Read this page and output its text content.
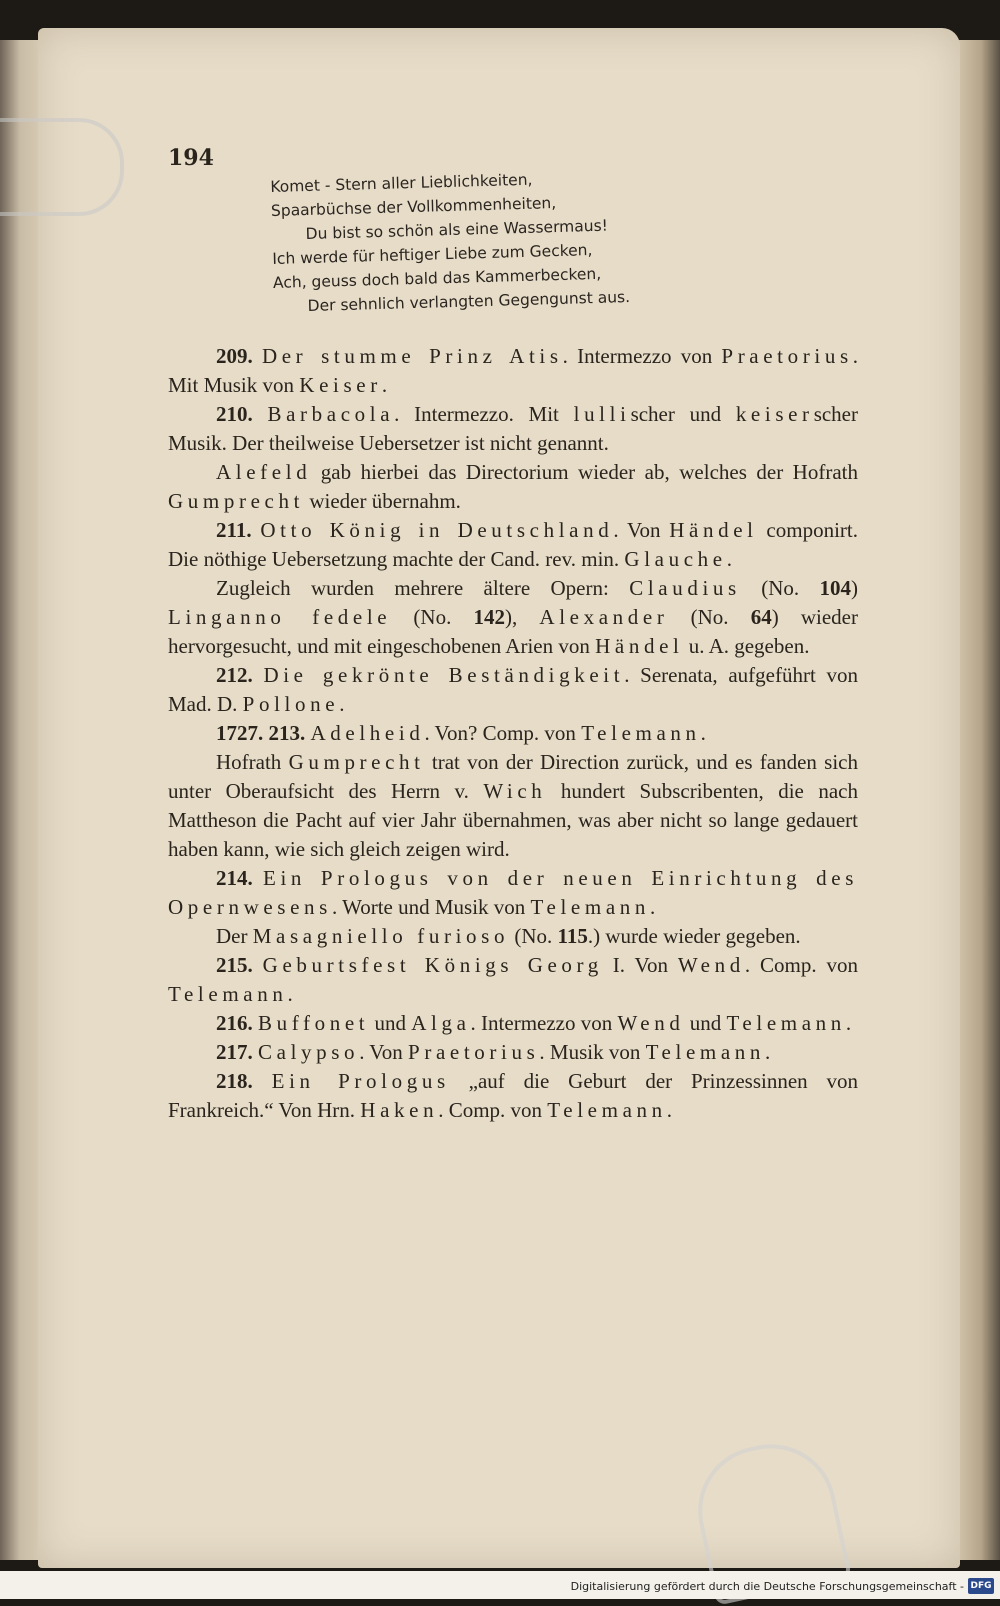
194
Komet - Stern aller Lieblichkeiten,
Spaarbüchse der Vollkommenheiten,
Du bist so schön als eine Wassermaus!
Ich werde für heftiger Liebe zum Gecken,
Ach, geuss doch bald das Kammerbecken,
Der sehnlich verlangten Gegengunst aus.

209. Der stumme Prinz Atis. Intermezzo von Praetorius. Mit Musik von Keiser.

210. Barbacola. Intermezzo. Mit lullischer und keiserscher Musik. Der theilweise Uebersetzer ist nicht genannt.

Alefeld gab hierbei das Directorium wieder ab, welches der Hofrath Gumprecht wieder übernahm.

211. Otto König in Deutschland. Von Händel componirt. Die nöthige Uebersetzung machte der Cand. rev. min. Glauche.

Zugleich wurden mehrere ältere Opern: Claudius (No. 104) Linganno fedele (No. 142), Alexander (No. 64) wieder hervorgesucht, und mit eingeschobenen Arien von Händel u. A. gegeben.

212. Die gekrönte Beständigkeit. Serenata, aufgeführt von Mad. D. Pollone.

1727. 213. Adelheid. Von? Comp. von Telemann.

Hofrath Gumprecht trat von der Direction zurück, und es fanden sich unter Oberaufsicht des Herrn v. Wich hundert Subscribenten, die nach Mattheson die Pacht auf vier Jahr übernahmen, was aber nicht so lange gedauert haben kann, wie sich gleich zeigen wird.

214. Ein Prologus von der neuen Einrichtung des Opernwesens. Worte und Musik von Telemann.

Der Masagniello furioso (No. 115.) wurde wieder gegeben.

215. Geburtsfest Königs Georg I. Von Wend. Comp. von Telemann.

216. Buffonet und Alga. Intermezzo von Wend und Telemann.

217. Calypso. Von Praetorius. Musik von Telemann.

218. Ein Prologus „auf die Geburt der Prinzessinnen von Frankreich.“ Von Hrn. Haken. Comp. von Telemann.

Digitalisierung gefördert durch die Deutsche Forschungsgemeinschaft - DFG
